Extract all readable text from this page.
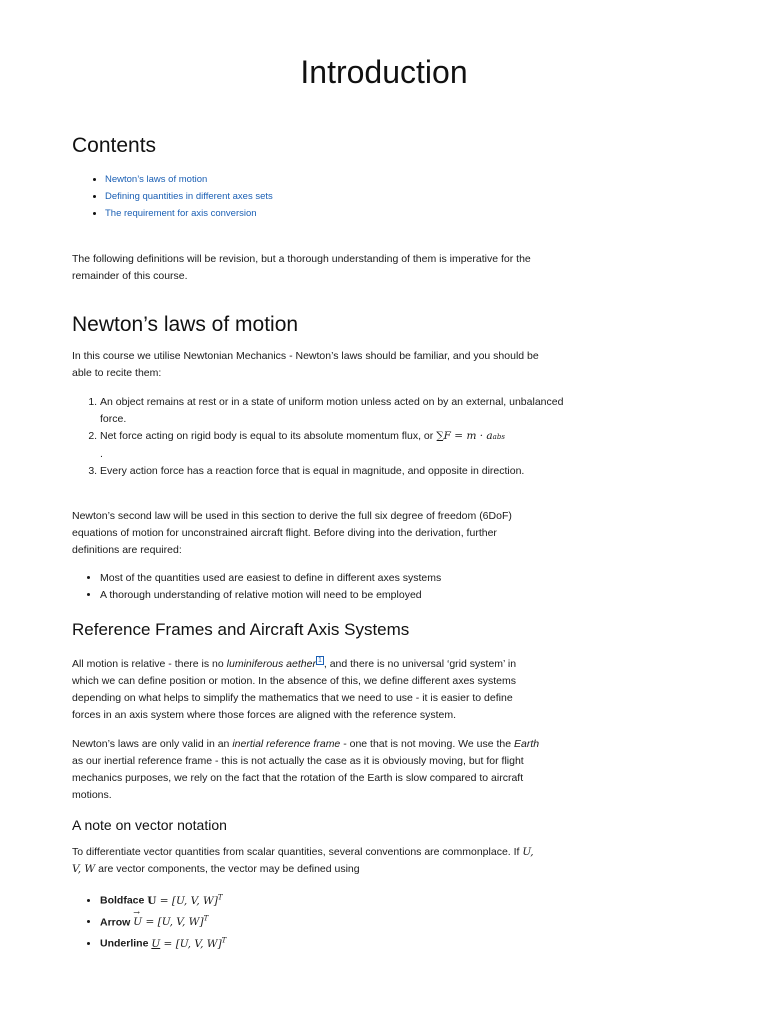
Introduction
Contents
• Newton’s laws of motion
• Defining quantities in different axes sets
• The requirement for axis conversion

The following definitions will be revision, but a thorough understanding of them is imperative for the remainder of this course.

Newton’s laws of motion

In this course we utilise Newtonian Mechanics - Newton’s laws should be familiar, and you should be able to recite them:

1. An object remains at rest or in a state of uniform motion unless acted on by an external, unbalanced force.
2. Net force acting on rigid body is equal to its absolute momentum flux, or ∑F = m · aabs
.
3. Every action force has a reaction force that is equal in magnitude, and opposite in direction.

Newton’s second law will be used in this section to derive the full six degree of freedom (6DoF) equations of motion for unconstrained aircraft flight. Before diving into the derivation, further definitions are required:

• Most of the quantities used are easiest to define in different axes systems
• A thorough understanding of relative motion will need to be employed
Reference Frames and Aircraft Axis Systems

All motion is relative - there is no luminiferous aether $^1$ , and there is no universal ‘grid system’ in which we can define position or motion. In the absence of this, we define different axes systems depending on what helps to simplify the mathematics that we need to use - it is easier to define forces in an axis system where those forces are aligned with the reference system.

Newton’s laws are only valid in an inertial reference frame - one that is not moving. We use the Earth as our inertial reference frame - this is not actually the case as it is obviously moving, but for flight mechanics purposes, we rely on the fact that the rotation of the Earth is slow compared to aircraft motions.

A note on vector notation

To differentiate vector quantities from scalar quantities, several conventions are commonplace. If U, V, W are vector components, the vector may be defined using

• Boldface U = [U, V, W]$^T$
• Arrow → U = [U, V, W]$^T$
• Underline U = [U, V, W]$^T$
